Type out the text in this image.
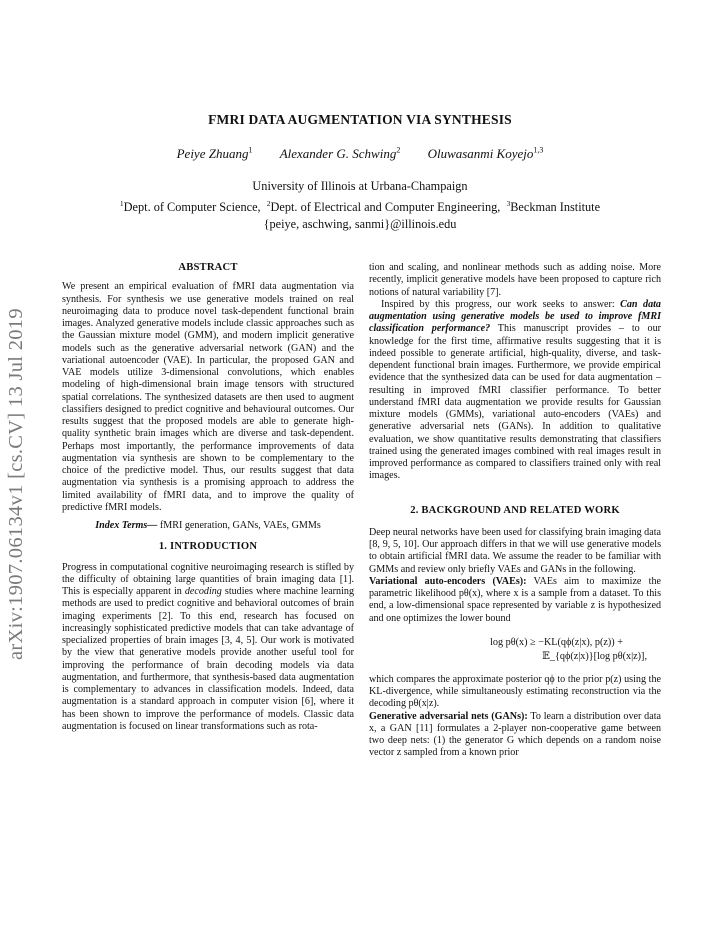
FMRI DATA AUGMENTATION VIA SYNTHESIS
Peiye Zhuang$^1$ Alexander G. Schwing$^2$ Oluwasanmi Koyejo$^{1,3}$
University of Illinois at Urbana-Champaign
$^1$Dept. of Computer Science, $^2$Dept. of Electrical and Computer Engineering, $^3$Beckman Institute
{peiye, aschwing, sanmi}@illinois.edu
arXiv:1907.06134v1 [cs.CV] 13 Jul 2019

ABSTRACT

We present an empirical evaluation of fMRI data augmentation via synthesis. For synthesis we use generative models trained on real neuroimaging data to produce novel task-dependent functional brain images. Analyzed generative models include classic approaches such as the Gaussian mixture model (GMM), and modern implicit generative models such as the generative adversarial network (GAN) and the variational autoencoder (VAE). In particular, the proposed GAN and VAE models utilize 3-dimensional convolutions, which enables modeling of high-dimensional brain image tensors with structured spatial correlations. The synthesized datasets are then used to augment classifiers designed to predict cognitive and behavioural outcomes. Our results suggest that the proposed models are able to generate high-quality synthetic brain images which are diverse and task-dependent. Perhaps most importantly, the performance improvements of data augmentation via synthesis are shown to be complementary to the choice of the predictive model. Thus, our results suggest that data augmentation via synthesis is a promising approach to address the limited availability of fMRI data, and to improve the quality of predictive fMRI models.

Index Terms— fMRI generation, GANs, VAEs, GMMs

1. INTRODUCTION

Progress in computational cognitive neuroimaging research is stifled by the difficulty of obtaining large quantities of brain imaging data [1]. This is especially apparent in decoding studies where machine learning methods are used to predict cognitive and behavioral outcomes of brain imaging experiments [2]. To this end, research has focused on increasingly sophisticated predictive models that can take advantage of specialized properties of brain images [3, 4, 5]. Our work is motivated by the view that generative models provide another useful tool for improving the performance of brain decoding models via data augmentation, and furthermore, that synthesis-based data augmentation is complementary to advances in classification models. Indeed, data augmentation is a standard approach in computer vision [6], where it has been shown to improve the performance of models. Classic data augmentation is focused on linear transformations such as rota-

tion and scaling, and nonlinear methods such as adding noise. More recently, implicit generative models have been proposed to capture rich notions of natural variability [7].

Inspired by this progress, our work seeks to answer: Can data augmentation using generative models be used to improve fMRI classification performance? This manuscript provides – to our knowledge for the first time, affirmative results suggesting that it is indeed possible to generate artificial, high-quality, diverse, and task-dependent functional brain images. Furthermore, we provide empirical evidence that the synthesized data can be used for data augmentation – resulting in improved fMRI classifier performance. To better understand fMRI data augmentation we provide results for Gaussian mixture models (GMMs), variational auto-encoders (VAEs) and generative adversarial nets (GANs). In addition to qualitative evaluation, we show quantitative results demonstrating that classifiers trained using the generated images combined with real images result in improved performance as compared to classifiers trained only with real images.

2. BACKGROUND AND RELATED WORK

Deep neural networks have been used for classifying brain imaging data [8, 9, 5, 10]. Our approach differs in that we will use generative models to obtain artificial fMRI data. We assume the reader to be familiar with GMMs and review only briefly VAEs and GANs in the following.

Variational auto-encoders (VAEs): VAEs aim to maximize the parametric likelihood pθ(x), where x is a sample from a dataset. To this end, a low-dimensional space represented by variable z is hypothesized and one optimizes the lower bound

log pθ(x) ≥ −KL(qϕ(z|x), p(z)) +
𝔼_{qϕ(z|x)}[log pθ(x|z)],

which compares the approximate posterior qϕ to the prior p(z) using the KL-divergence, while simultaneously estimating reconstruction via the decoding pθ(x|z).

Generative adversarial nets (GANs): To learn a distribution over data x, a GAN [11] formulates a 2-player non-cooperative game between two deep nets: (1) the generator G which depends on a random noise vector z sampled from a known prior
